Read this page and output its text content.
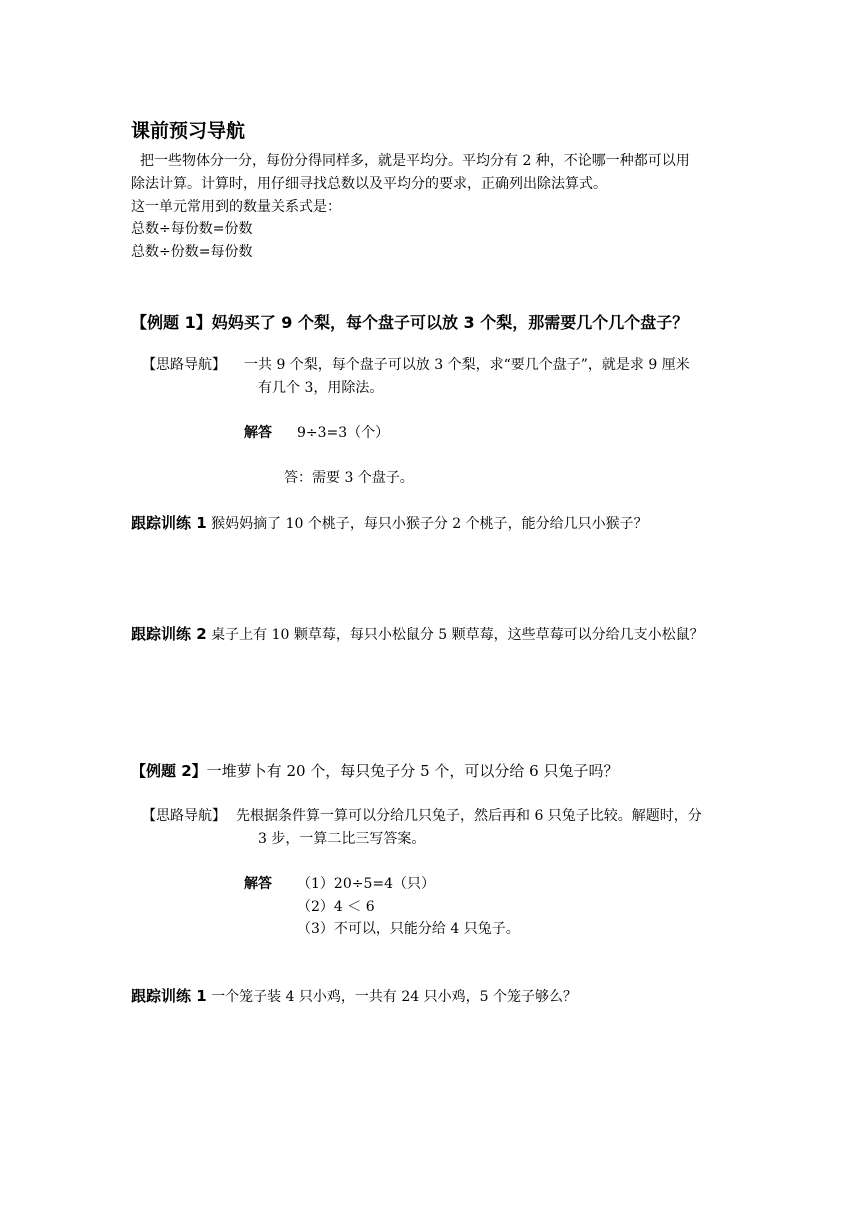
课前预习导航
把一些物体分一分，每份分得同样多，就是平均分。平均分有 2 种，不论哪一种都可以用
除法计算。计算时，用仔细寻找总数以及平均分的要求，正确列出除法算式。
这一单元常用到的数量关系式是：
总数÷每份数=份数
总数÷份数=每份数
【例题 1】妈妈买了 9 个梨，每个盘子可以放 3 个梨，那需要几个几个盘子？
【思路导航】 一共 9 个梨，每个盘子可以放 3 个梨，求“要几个盘子”，就是求 9 厘米
有几个 3，用除法。
解答 9÷3=3（个）
答：需要 3 个盘子。
跟踪训练 1 猴妈妈摘了 10 个桃子，每只小猴子分 2 个桃子，能分给几只小猴子？
跟踪训练 2 桌子上有 10 颗草莓，每只小松鼠分 5 颗草莓，这些草莓可以分给几支小松鼠？
【例题 2】一堆萝卜有 20 个，每只兔子分 5 个，可以分给 6 只兔子吗？
【思路导航】 先根据条件算一算可以分给几只兔子，然后再和 6 只兔子比较。解题时，分
3 步，一算二比三写答案。
解答 （1）20÷5=4（只）
（2）4 ＜ 6
（3）不可以，只能分给 4 只兔子。
跟踪训练 1 一个笼子装 4 只小鸡，一共有 24 只小鸡，5 个笼子够么？
